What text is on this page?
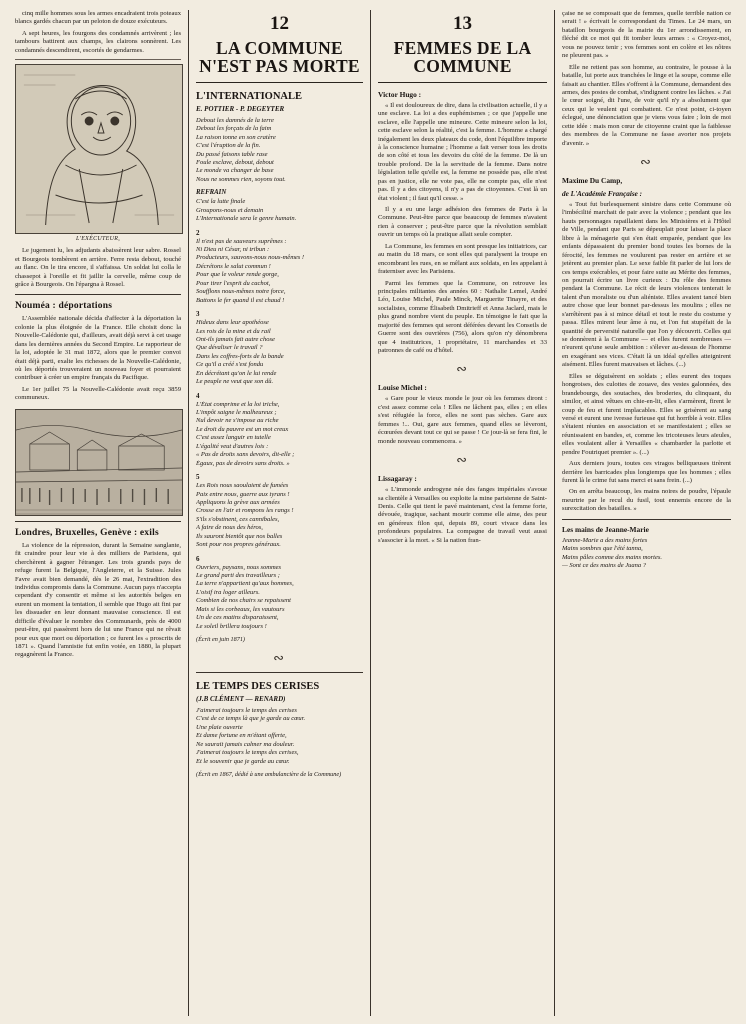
cinq mille hommes sous les armes encadraient trois poteaux blancs gardés chacun par un peloton de douze exécuteurs.

A sept heures, les fourgons des condamnés arrivèrent ; les tambours battirent aux champs, les clairons sonnèrent. Les condamnés descendirent, escortés de gendarmes.

L'EXÉCUTEUR,

Le jugement lu, les adjudants abaissèrent leur sabre. Rossel et Bourgeois tombèrent en arrière. Ferre resta debout, touché au flanc. On le tira encore, il s'affaissa. Un soldat lui colla le chassepot à l'oreille et fit jaillir la cervelle, même coup de grâce à Bourgeois. On l'épargna à Rossel.

Nouméa : déportations

L'Assemblée nationale décida d'affecter à la déportation la colonie la plus éloignée de la France. Elle choisit donc la Nouvelle-Calédonie qui, d'ailleurs, avait déjà servi à cet usage dans les dernières années du Second Empire. Le rapporteur de la loi, adoptée le 31 mai 1872, alors que le premier convoi était déjà parti, exalte les richesses de la Nouvelle-Calédonie, où les déportés trouveraient un nouveau foyer et pourraient contribuer à créer un empire français du Pacifique.

Le 1er juillet 75 la Nouvelle-Calédonie avait reçu 3859 communeux.

Londres, Bruxelles, Genève : exils

La violence de la répression, durant la Semaine sanglante, fit craindre pour leur vie à des milliers de Parisiens, qui cherchèrent à gagner l'étranger. Les trois grands pays de refuge furent la Belgique, l'Angleterre, et la Suisse. Jules Favre avait bien demandé, dès le 26 mai, l'extradition des individus compromis dans la Commune. Aucun pays n'accepta cependant d'y consentir et même si les autorités belges en eurent un moment la tentation, il semble que Hugo ait fini par les dissuader en leur donnant mauvaise conscience. Il est difficile d'évaluer le nombre des Communards, près de 4000 peut-être, qui passèrent hors de lui une France qui ne rêvait pour eux que mort ou déportation ; ce furent les « proscrits de 1871 ». Quand l'amnistie fut enfin votée, en 1880, la plupart regagnèrent la France.

12
LA COMMUNE N'EST PAS MORTE
L'INTERNATIONALE
E. POTTIER - P. DEGEYTER
Debout les damnés de la terre
Debout les forçats de la faim
La raison tonne en son cratère
C'est l'éruption de la fin.
Du passé faisons table rase
Foule esclave, debout, debout
Le monde va changer de base
Nous ne sommes rien, soyons tout.
REFRAIN
C'est la lutte finale
Groupons-nous et demain
L'Internationale sera le genre humain.
2
Il n'est pas de sauveurs suprêmes :
Ni Dieu ni César, ni tribun :
Producteurs, sauvons-nous nous-mêmes !
Décrétons le salut commun !
Pour que le voleur rende gorge,
Pour tirer l'esprit du cachot,
Soufflons nous-mêmes notre force,
Battons le fer quand il est chaud !
3
Hideux dans leur apothéose
Les rois de la mine et du rail
Ont-ils jamais fait autre chose
Que dévaliser le travail ?
Dans les coffres-forts de la bande
Ce qu'il a créé s'est fondu
En décrétant qu'on le lui rende
Le peuple ne veut que son dû.
4
L'État comprime et la loi triche,
L'impôt saigne le malheureux ;
Nul devoir ne s'impose au riche
Le droit du pauvre est un mot creux
C'est assez languir en tutelle
L'égalité veut d'autres lois :
« Pas de droits sans devoirs, dit-elle ;
Égaux, pas de devoirs sans droits. »
5
Les Rois nous saoulaient de fumées
Paix entre nous, guerre aux tyrans !
Appliquons la grève aux armées
Crosse en l'air et rompons les rangs !
S'ils s'obstinent, ces cannibales,
A faire de nous des héros,
Ils sauront bientôt que nos balles
Sont pour nos propres généraux.
6
Ouvriers, paysans, nous sommes
Le grand parti des travailleurs ;
La terre n'appartient qu'aux hommes,
L'oisif ira loger ailleurs.
Combien de nos chairs se repaissent
Mais si les corbeaux, les vautours
Un de ces matins disparaissent,
Le soleil brillera toujours !

(Écrit en juin 1871)

∾
LE TEMPS DES CERISES
(J.B CLÉMENT — RENARD)
J'aimerai toujours le temps des cerises
C'est de ce temps là que je garde au cœur.
Une plaie ouverte
Et dame fortune en m'étant offerte,
Ne saurait jamais calmer ma douleur.
J'aimerai toujours le temps des cerises,
Et le souvenir que je garde au cœur.

(Écrit en 1867, dédié à une ambulancière de la Commune)

13
FEMMES DE LA COMMUNE
Victor Hugo :

« Il est douloureux de dire, dans la civilisation actuelle, il y a une esclave. La loi a des euphémismes ; ce que j'appelle une esclave, elle l'appelle une mineure. Cette mineure selon la loi, cette esclave selon la réalité, c'est la femme. L'homme a chargé inégalement les deux plateaux du code, dont l'équilibre importe à la conscience humaine ; l'homme a fait verser tous les droits de son côté et tous les devoirs du côté de la femme. De là un trouble profond. De la la servitude de la femme. Dans notre législation telle qu'elle est, la femme ne possède pas, elle n'est pas en justice, elle ne vote pas, elle ne compte pas, elle n'est pas. Il y a des citoyens, il n'y a pas de citoyennes. C'est là un état violent ; il faut qu'il cesse. »

Il y a eu une large adhésion des femmes de Paris à la Commune. Peut-être parce que beaucoup de femmes n'avaient rien à conserver ; peut-être parce que la révolution semblait ouvrir un temps où la pratique allait seule compter.

La Commune, les femmes en sont presque les initiatrices, car au matin du 18 mars, ce sont elles qui paralysent la troupe en encombrant les rues, en se mêlant aux soldats, en les appelant à fraterniser avec les Parisiens.

Parmi les femmes que la Commune, on retrouve les principales militantes des années 60 : Nathalie Lemel, André Léo, Louise Michel, Paule Minck, Marguerite Tinayre, et des socialistes, comme Élisabeth Dmitrieff et Anna Jaclard, mais le plus grand nombre vient du peuple. En témoigne le fait que la majorité des femmes qui seront déférées devant les Conseils de Guerre sont des ouvrières (756), alors qu'on n'y dénombrera que 4 institutrices, 1 propriétaire, 11 marchandes et 33 patronnes de café ou d'hôtel.

∾
Louise Michel :

« Gare pour le vieux monde le jour où les femmes diront : c'est assez comme cela ! Elles ne lâchent pas, elles ; en elles s'est réfugiée la force, elles ne sont pas sèches. Gare aux femmes !... Oui, gare aux femmes, quand elles se lèveront, écœurées devant tout ce qui se passe ! Ce jour-là se fera fini, le monde nouveau commencera. »

∾
Lissagaray :

« L'immonde androgyne née des fanges impériales s'avoue sa clientèle à Versailles ou exploite la mine parisienne de Saint-Denis. Celle qui tient le pavé maintenant, c'est la femme forte, dévouée, tragique, sachant mourir comme elle aime, des peur en généreux filon qui, depuis 89, court vivace dans les profondeurs populaires. La compagne de travail veut aussi s'associer à la mort. « Si la nation fran-

çaise ne se composait que de femmes, quelle terrible nation ce serait ! » écrivait le correspondant du Times. Le 24 mars, un bataillon bourgeois de la mairie du 1er arrondissement, en fléché dit ce mot qui fit tomber leurs armes : « Croyez-moi, vous ne pouvez tenir ; vos femmes sont en colère et les nôtres ne pleurent pas. »

Elle ne retient pas son homme, au contraire, le pousse à la bataille, lui porte aux tranchées le linge et la soupe, comme elle faisait au chantier. Elles s'offrent à la Commune, demandent des armes, des postes de combat, s'indignent contre les lâches. « J'ai le cœur soigné, dit l'une, de voir qu'il n'y a absolument que ceux qui le veulent qui combattent. Ce n'est point, ci-toyen éclegué, une dénonciation que je viens vous faire ; loin de moi cette idée : mais mon cœur de citoyenne craint que la faiblesse des membres de la Commune ne fasse avorter nos projets d'avenir. »

∾
Maxime Du Camp,
de L'Académie Française :

« Tout fut burlesquement sinistre dans cette Commune où l'imbécilité marchait de pair avec la violence ; pendant que les hauts personnages rapaillaient dans les Ministères et à l'Hôtel de Ville, pendant que Paris se dépeuplait pour laisser la place libre à la ménagerie qui s'en était emparée, pendant que les enfants dépassaient du premier bond toutes les bornes de la férocité, les femmes ne voulurent pas rester en arrière et se jetèrent au premier plan. Le sexe faible fit parler de lui lors de ces temps exécrables, et pour faire suite au Mérite des femmes, on pourrait écrire un livre curieux : Du rôle des femmes pendant la Commune. Le récit de leurs violences tenterait le talent d'un moraliste ou d'un aliéniste. Elles avaient tancé bien autre chose que leur bonnet par-dessus les moulins ; elles ne s'arrêtèrent pas à si mince détail et tout le reste du costume y passa. Elles mirent leur âme à nu, et l'on fut stupéfait de la quantité de perversité naturelle que l'on y découvrit. Celles qui se donnèrent à la Commune — et elles furent nombreuses — n'eurent qu'une seule ambition : s'élever au-dessus de l'homme en exagérant ses vices. C'était là un idéal qu'elles atteignirent aisément. Elles furent mauvaises et lâches. (...)

Elles se déguisèrent en soldats ; elles eurent des toques hongroises, des culottes de zouave, des vestes galonnées, des brandebourgs, des soutaches, des broderies, du clinquant, du similor, et ainsi vêtues en chie-en-lit, elles s'armèrent, firent le coup de feu et furent implacables. Elles se grisèrent au sang versé et eurent une ivresse furieuse qui fut horrible à voir. Elles s'étaient réunies en association et se manifestaient ; elles se réunissaient en bandes, et, comme les tricoteuses leurs aïeules, elles voulaient aller à Versailles « chambarder la parlotte et pendre Foutriquet premier ». (...)

Aux derniers jours, toutes ces viragos belliqueuses tirèrent derrière les barricades plus longtemps que les hommes ; elles furent là le crime fut sans merci et sans frein. (...)

On en arrêta beaucoup, les mains noires de poudre, l'épaule meurtrie par le recul du fusil, tout ennemis encore de la surexcitation des batailles. »

Les mains de Jeanne-Marie
Jeanne-Marie a des mains fortes
Mains sombres que l'été tanna,
Mains pâles comme des mains mortes.
— Sont ce des mains de Juana ?
